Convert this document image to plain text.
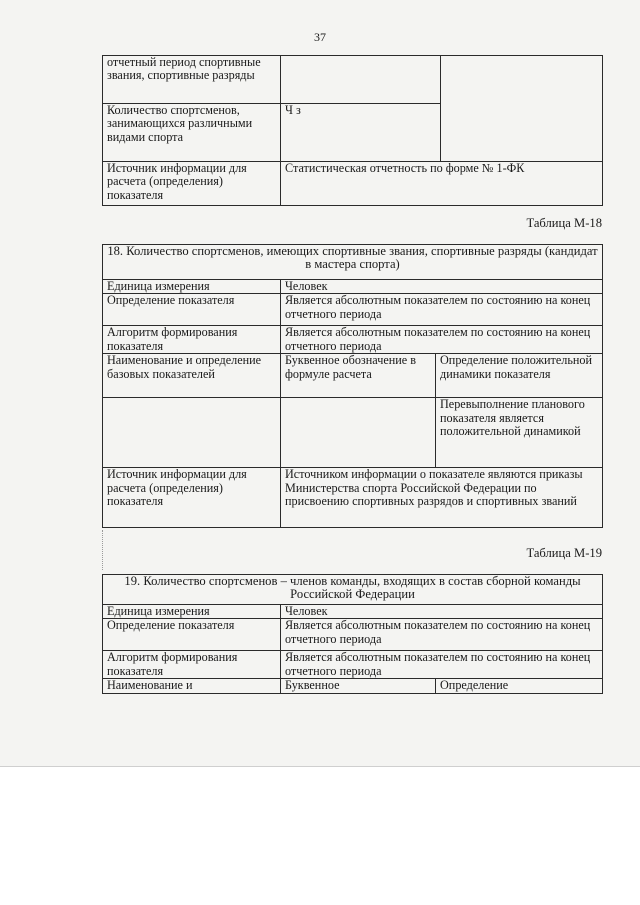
37
отчетный период спортивные звания, спортивные разряды		
Количество спортсменов, занимающихся различными видами спорта	Ч з	
Источник информации для расчета (определения) показателя	Статистическая отчетность по форме № 1-ФК	
Таблица М-18
18. Количество спортсменов, имеющих спортивные звания, спортивные разряды (кандидат в мастера спорта)		
Единица измерения	Человек	
Определение показателя	Является абсолютным показателем по состоянию на конец отчетного периода	
Алгоритм формирования показателя	Является абсолютным показателем по состоянию на конец отчетного периода	
Наименование и определение базовых показателей	Буквенное обозначение в формуле расчета	Определение положительной динамики показателя
		Перевыполнение планового показателя является положительной динамикой
Источник информации для расчета (определения) показателя	Источником информации о показателе являются приказы Министерства спорта Российской Федерации по присвоению спортивных разрядов и спортивных званий	
Таблица М-19
19. Количество спортсменов – членов команды, входящих в состав сборной команды Российской Федерации		
Единица измерения	Человек	
Определение показателя	Является абсолютным показателем по состоянию на конец отчетного периода	
Алгоритм формирования показателя	Является абсолютным показателем по состоянию на конец отчетного периода	
Наименование и	Буквенное	Определение
